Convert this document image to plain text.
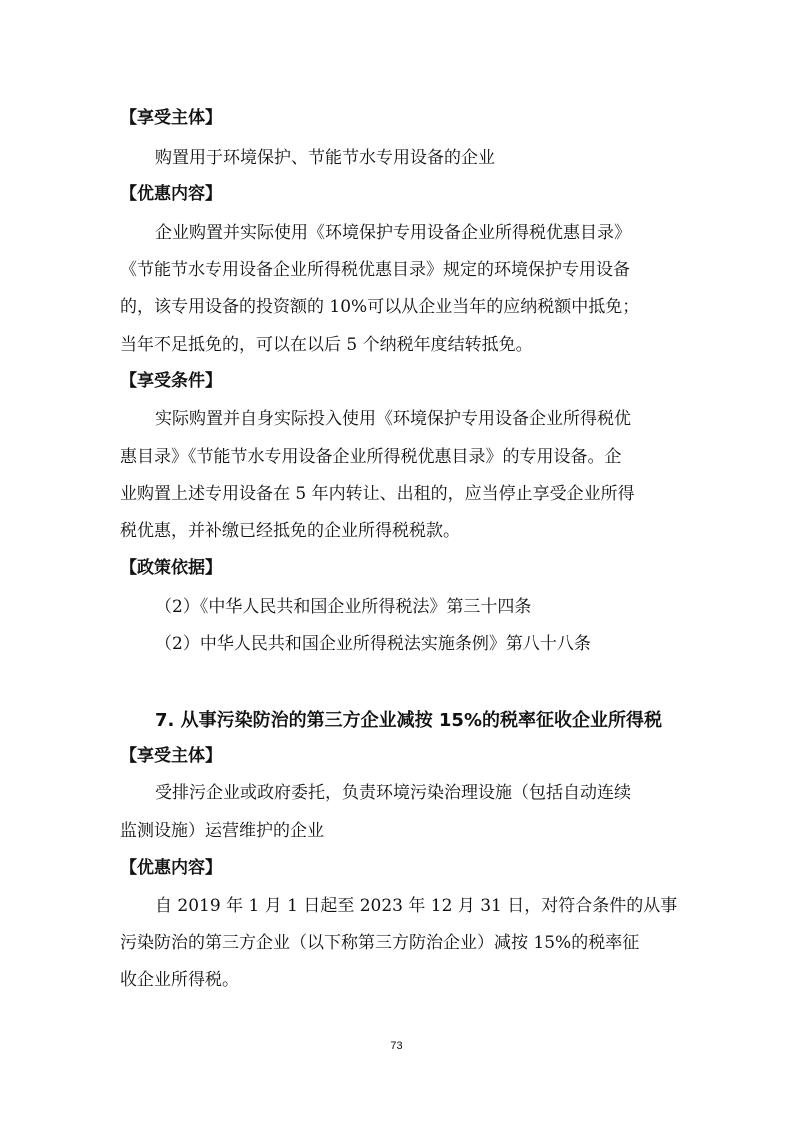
【享受主体】
购置用于环境保护、节能节水专用设备的企业
【优惠内容】
企业购置并实际使用《环境保护专用设备企业所得税优惠目录》
《节能节水专用设备企业所得税优惠目录》规定的环境保护专用设备
的，该专用设备的投资额的 10%可以从企业当年的应纳税额中抵免；
当年不足抵免的，可以在以后 5 个纳税年度结转抵免。
【享受条件】
实际购置并自身实际投入使用《环境保护专用设备企业所得税优
惠目录》《节能节水专用设备企业所得税优惠目录》的专用设备。企
业购置上述专用设备在 5 年内转让、出租的，应当停止享受企业所得
税优惠，并补缴已经抵免的企业所得税税款。
【政策依据】
（2）《中华人民共和国企业所得税法》第三十四条
（2）中华人民共和国企业所得税法实施条例》第八十八条
7. 从事污染防治的第三方企业减按 15%的税率征收企业所得税
【享受主体】
受排污企业或政府委托，负责环境污染治理设施（包括自动连续
监测设施）运营维护的企业
【优惠内容】
自 2019 年 1 月 1 日起至 2023 年 12 月 31 日，对符合条件的从事
污染防治的第三方企业（以下称第三方防治企业）减按 15%的税率征
收企业所得税。
73
